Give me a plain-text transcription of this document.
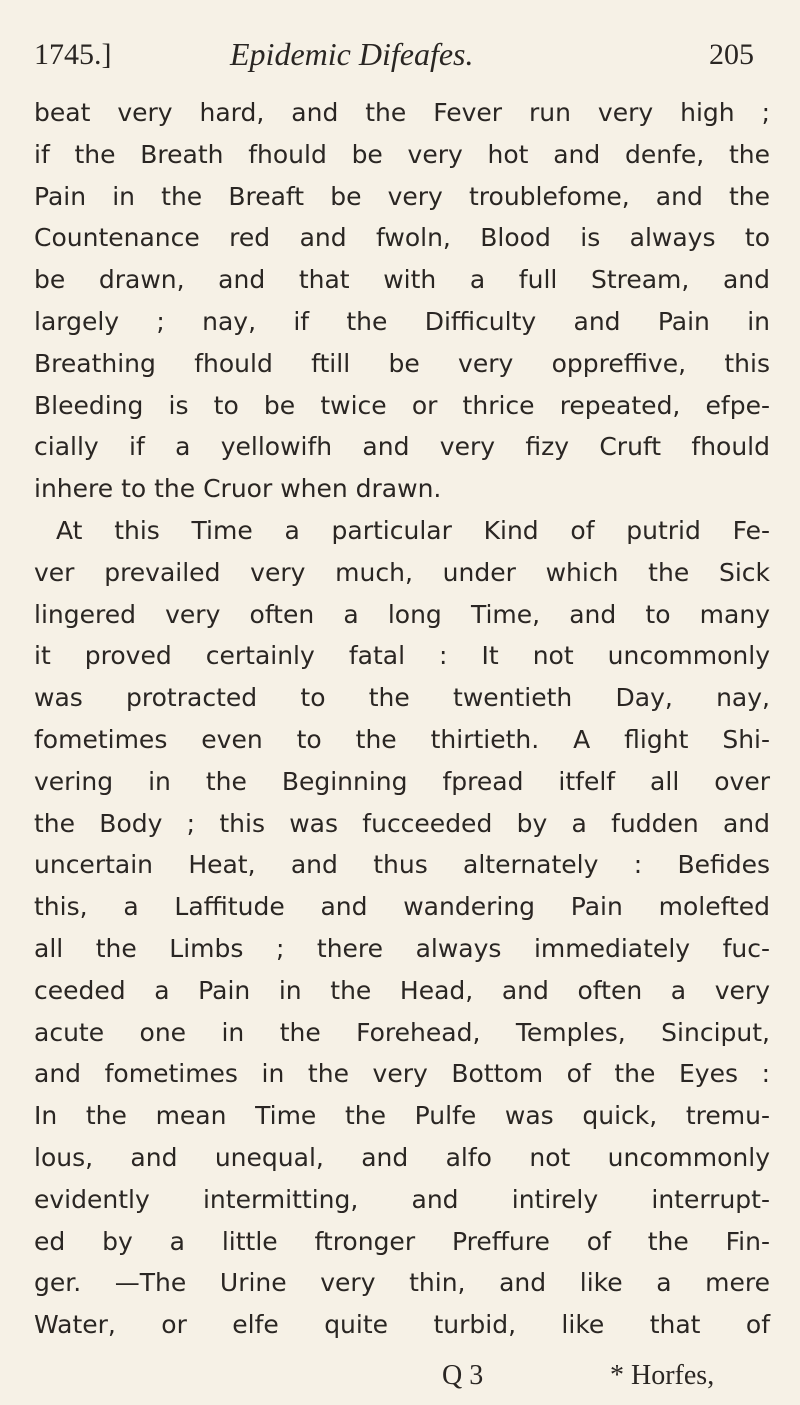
1745.]	Epidemic Difeafes.	205
beat very hard, and the Fever run very high ;
if the Breath fhould be very hot and denfe, the
Pain in the Breaft be very troublefome, and the
Countenance red and fwoln, Blood is always to
be drawn, and that with a full Stream, and
largely ; nay, if the Difficulty and Pain in
Breathing fhould ftill be very oppreffive, this
Bleeding is to be twice or thrice repeated, efpe-
cially if a yellowifh and very fizy Cruft fhould
inhere to the Cruor when drawn.
At this Time a particular Kind of putrid Fe-
ver prevailed very much, under which the Sick
lingered very often a long Time, and to many
it proved certainly fatal : It not uncommonly
was protracted to the twentieth Day, nay,
fometimes even to the thirtieth. A flight Shi-
vering in the Beginning fpread itfelf all over
the Body ; this was fucceeded by a fudden and
uncertain Heat, and thus alternately : Befides
this, a Laffitude and wandering Pain molefted
all the Limbs ; there always immediately fuc-
ceeded a Pain in the Head, and often a very
acute one in the Forehead, Temples, Sinciput,
and fometimes in the very Bottom of the Eyes :
In the mean Time the Pulfe was quick, tremu-
lous, and unequal, and alfo not uncommonly
evidently intermitting, and intirely interrupt-
ed by a little ftronger Preffure of the Fin-
ger. —The Urine very thin, and like a mere
Water, or elfe quite turbid, like that of
Q 3	* Horfes,
